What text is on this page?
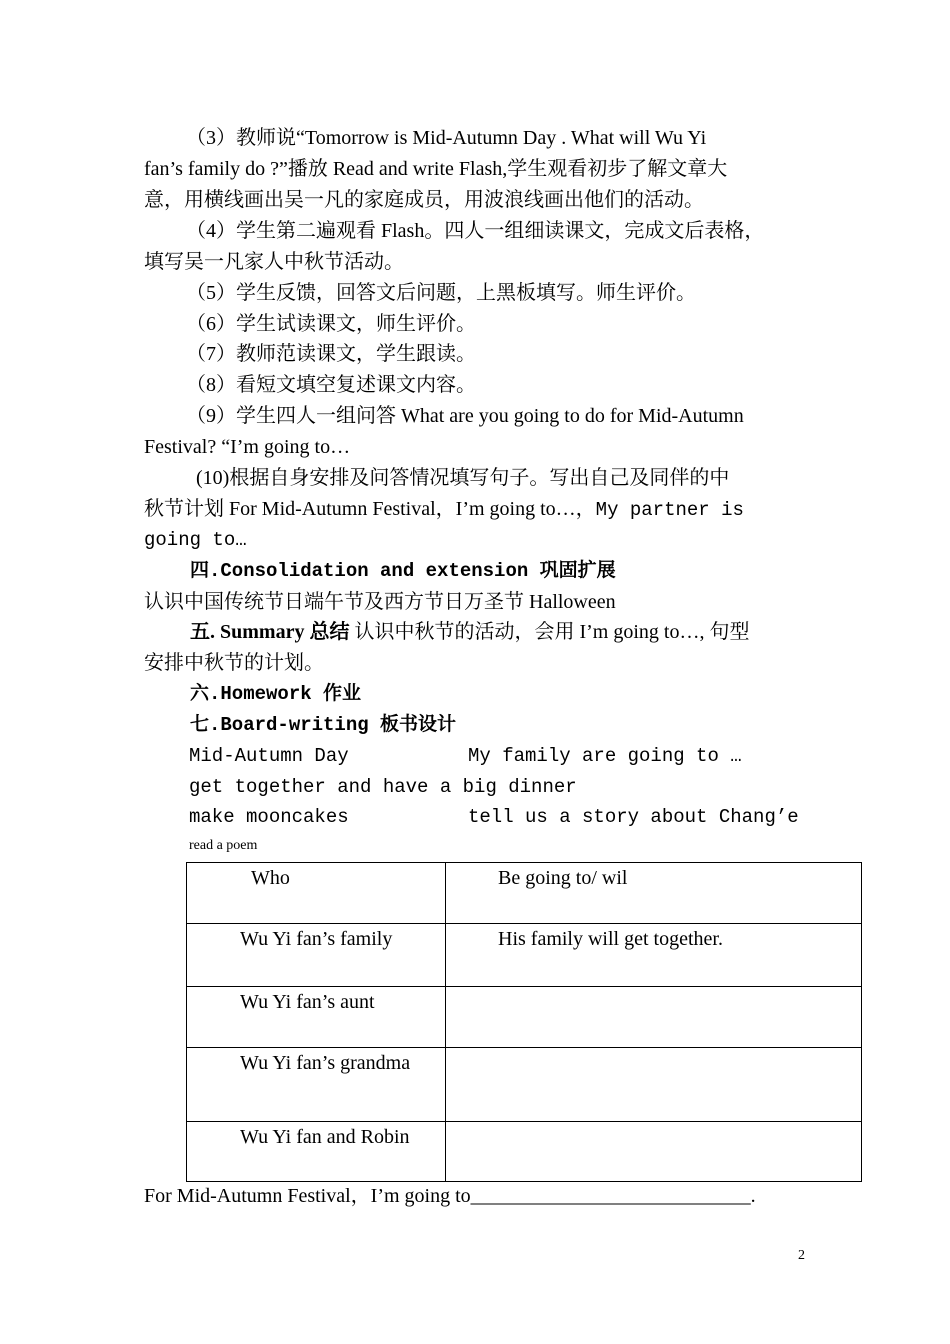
（3）教师说“Tomorrow is Mid-Autumn Day . What will Wu Yi
fan’s family do ?”播放 Read and write Flash,学生观看初步了解文章大
意，用横线画出吴一凡的家庭成员，用波浪线画出他们的活动。
（4）学生第二遍观看 Flash。四人一组细读课文，完成文后表格，
填写吴一凡家人中秋节活动。
（5）学生反馈，回答文后问题，上黑板填写。师生评价。
（6）学生试读课文，师生评价。
（7）教师范读课文，学生跟读。
（8）看短文填空复述课文内容。
（9）学生四人一组问答 What are you going to do for Mid-Autumn
Festival? “I’m going to…
(10)根据自身安排及问答情况填写句子。写出自己及同伴的中
秋节计划 For Mid-Autumn Festival，I’m going to…，My partner is
going to…
四.Consolidation and extension 巩固扩展
认识中国传统节日端午节及西方节日万圣节 Halloween
五. Summary 总结 认识中秋节的活动，会用 I’m going to…, 句型
安排中秋节的计划。
六.Homework 作业
七.Board-writing 板书设计
Mid-Autumn Day	My family are going to …
get together and have a big dinner
make mooncakes	tell us a story about Chang’e
read a poem
Who	Be going to/ wil
Wu Yi fan’s family	His family will get together.
Wu Yi fan’s aunt	
Wu Yi fan’s grandma	
Wu Yi fan and Robin	
For Mid-Autumn Festival，I’m going to____________________________.
2
